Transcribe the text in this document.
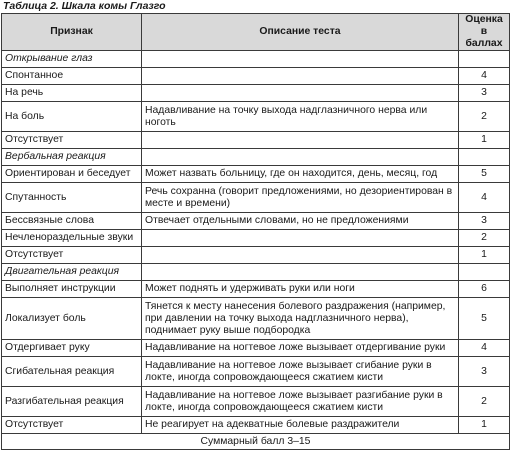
Таблица 2. Шкала комы Глазго
Признак	Описание теста	Оценка в баллах
Открывание глаз		
Спонтанное		4
На речь		3
На боль	Надавливание на точку выхода надглазничного нерва или ноготь	2
Отсутствует		1
Вербальная реакция		
Ориентирован и беседует	Может назвать больницу, где он находится, день, месяц, год	5
Спутанность	Речь сохранна (говорит предложениями, но дезориентирован в месте и времени)	4
Бессвязные слова	Отвечает отдельными словами, но не предложениями	3
Нечленораздельные звуки		2
Отсутствует		1
Двигательная реакция		
Выполняет инструкции	Может поднять и удерживать руки или ноги	6
Локализует боль	Тянется к месту нанесения болевого раздражения (например, при давлении на точку выхода надглазничного нерва), поднимает руку выше подбородка	5
Отдергивает руку	Надавливание на ногтевое ложе вызывает отдергивание руки	4
Сгибательная реакция	Надавливание на ногтевое ложе вызывает сгибание руки в локте, иногда сопровождающееся сжатием кисти	3
Разгибательная реакция	Надавливание на ногтевое ложе вызывает разгибание руки в локте, иногда сопровождающееся сжатием кисти	2
Отсутствует	Не реагирует на адекватные болевые раздражители	1
Суммарный балл 3–15		
